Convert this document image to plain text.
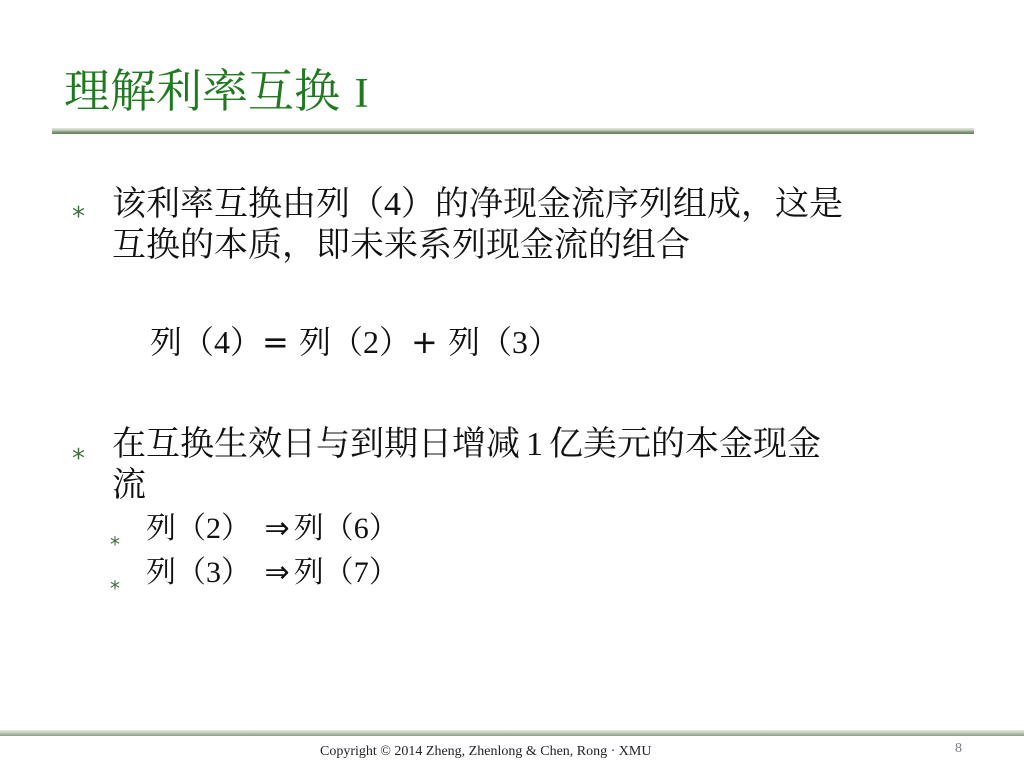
理解利率互换 I
⁎ 该利率互换由列（4）的净现金流序列组成，这是
互换的本质，即未来系列现金流的组合
列（4）= 列（2）+ 列（3）
⁎ 在互换生效日与到期日增减 1 亿美元的本金现金
流
⁎ 列（2） ⇒ 列（6）
⁎ 列（3） ⇒ 列（7）
Copyright © 2014 Zheng, Zhenlong & Chen, Rong · XMU	8
